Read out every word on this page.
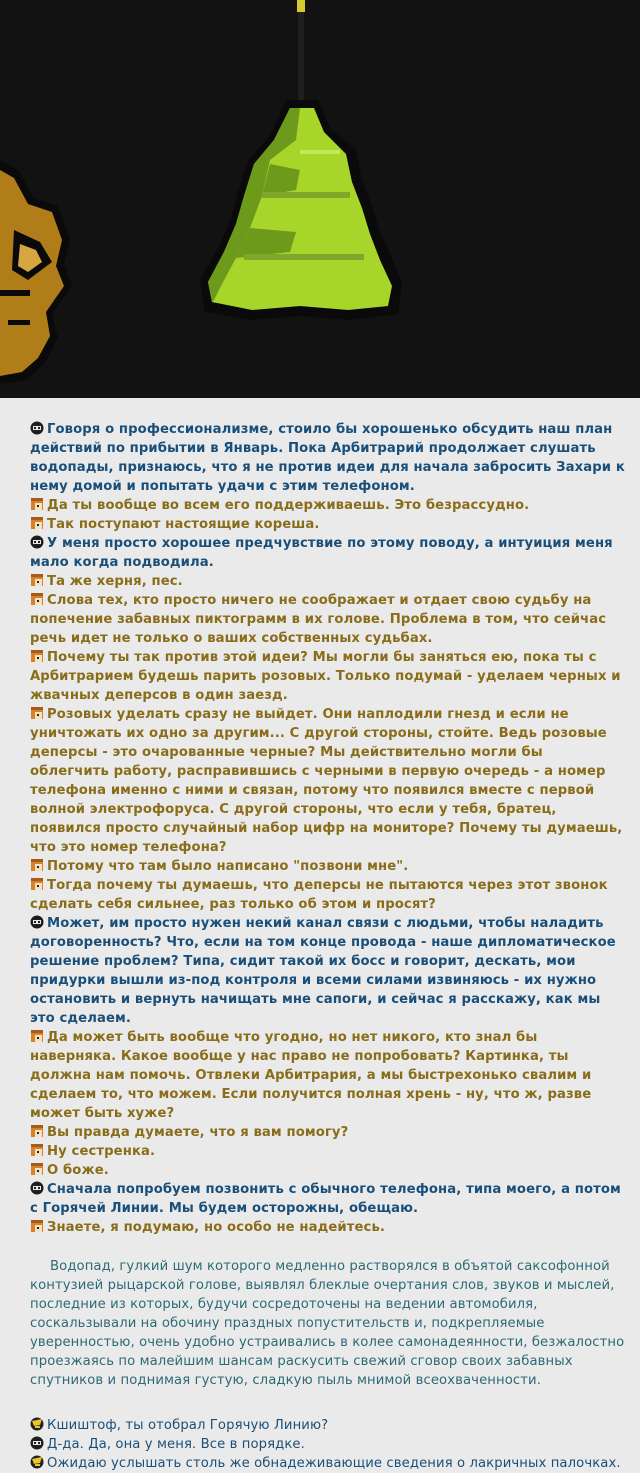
Говоря о профессионализме, стоило бы хорошенько обсудить наш план действий по прибытии в Январь. Пока Арбитрарий продолжает слушать водопады, признаюсь, что я не против идеи для начала забросить Захари к нему домой и попытать удачи с этим телефоном.

Да ты вообще во всем его поддерживаешь. Это безрассудно.

Так поступают настоящие кореша.

У меня просто хорошее предчувствие по этому поводу, а интуиция меня мало когда подводила.

Та же херня, пес.

Слова тех, кто просто ничего не соображает и отдает свою судьбу на попечение забавных пиктограмм в их голове. Проблема в том, что сейчас речь идет не только о ваших собственных судьбах.

Почему ты так против этой идеи? Мы могли бы заняться ею, пока ты с Арбитрарием будешь парить розовых. Только подумай - уделаем черных и жвачных деперсов в один заезд.

Розовых уделать сразу не выйдет. Они наплодили гнезд и если не уничтожать их одно за другим... С другой стороны, стойте. Ведь розовые деперсы - это очарованные черные? Мы действительно могли бы облегчить работу, расправившись с черными в первую очередь - а номер телефона именно с ними и связан, потому что появился вместе с первой волной электрофоруса. С другой стороны, что если у тебя, братец, появился просто случайный набор цифр на мониторе? Почему ты думаешь, что это номер телефона?

Потому что там было написано "позвони мне".

Тогда почему ты думаешь, что деперсы не пытаются через этот звонок сделать себя сильнее, раз только об этом и просят?

Может, им просто нужен некий канал связи с людьми, чтобы наладить договоренность? Что, если на том конце провода - наше дипломатическое решение проблем? Типа, сидит такой их босс и говорит, дескать, мои придурки вышли из-под контроля и всеми силами извиняюсь - их нужно остановить и вернуть начищать мне сапоги, и сейчас я расскажу, как мы это сделаем.

Да может быть вообще что угодно, но нет никого, кто знал бы наверняка. Какое вообще у нас право не попробовать? Картинка, ты должна нам помочь. Отвлеки Арбитрария, а мы быстрехонько свалим и сделаем то, что можем. Если получится полная хрень - ну, что ж, разве может быть хуже?

Вы правда думаете, что я вам помогу?

Ну сестренка.

О боже.

Сначала попробуем позвонить с обычного телефона, типа моего, а потом с Горячей Линии. Мы будем осторожны, обещаю.

Знаете, я подумаю, но особо не надейтесь.

Водопад, гулкий шум которого медленно растворялся в объятой саксофонной контузией рыцарской голове, выявлял блеклые очертания слов, звуков и мыслей, последние из которых, будучи сосредоточены на ведении автомобиля, соскальзывали на обочину праздных попустительств и, подкрепляемые уверенностью, очень удобно устраивались в колее самонадеянности, безжалостно проезжаясь по малейшим шансам раскусить свежий сговор своих забавных спутников и поднимая густую, сладкую пыль мнимой всеохваченности.

Кшиштоф, ты отобрал Горячую Линию?

Д-да. Да, она у меня. Все в порядке.

Ожидаю услышать столь же обнадеживающие сведения о лакричных палочках.
